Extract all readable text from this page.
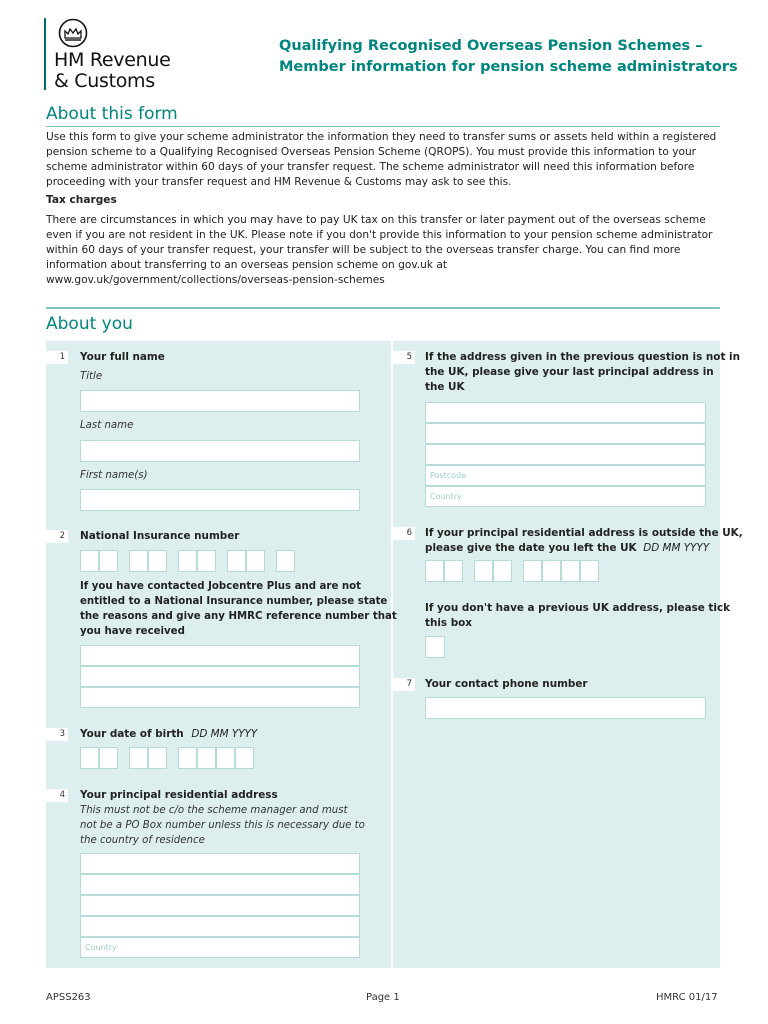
HM Revenue
& Customs
Qualifying Recognised Overseas Pension Schemes –
Member information for pension scheme administrators
About this form
Use this form to give your scheme administrator the information they need to transfer sums or assets held within a registered
pension scheme to a Qualifying Recognised Overseas Pension Scheme (QROPS). You must provide this information to your
scheme administrator within 60 days of your transfer request. The scheme administrator will need this information before
proceeding with your transfer request and HM Revenue & Customs may ask to see this.
Tax charges
There are circumstances in which you may have to pay UK tax on this transfer or later payment out of the overseas scheme
even if you are not resident in the UK. Please note if you don't provide this information to your pension scheme administrator
within 60 days of your transfer request, your transfer will be subject to the overseas transfer charge. You can find more
information about transferring to an overseas pension scheme on gov.uk at
www.gov.uk/government/collections/overseas-pension-schemes
About you
1 Your full name
Title
Last name
First name(s)
2 National Insurance number
If you have contacted Jobcentre Plus and are not
entitled to a National Insurance number, please state
the reasons and give any HMRC reference number that
you have received
3 Your date of birth DD MM YYYY
4 Your principal residential address
This must not be c/o the scheme manager and must
not be a PO Box number unless this is necessary due to
the country of residence
Country
5 If the address given in the previous question is not in
the UK, please give your last principal address in
the UK
Postcode
Country
6 If your principal residential address is outside the UK,
please give the date you left the UK DD MM YYYY
If you don't have a previous UK address, please tick
this box
7 Your contact phone number
APSS263	Page 1	HMRC 01/17
